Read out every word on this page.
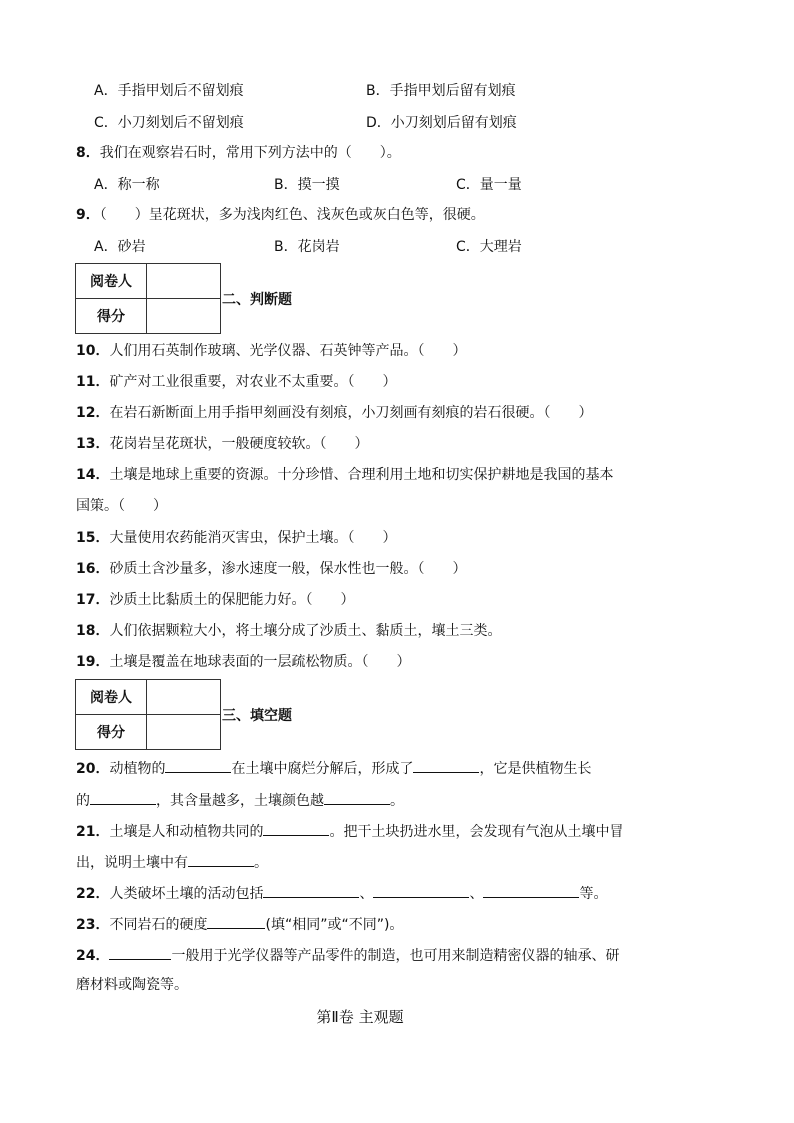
A．手指甲划后不留划痕	B．手指甲划后留有划痕
C．小刀刻划后不留划痕	D．小刀刻划后留有划痕
8．我们在观察岩石时，常用下列方法中的（　　）。
A．称一称	B．摸一摸	C．量一量
9．（　　）呈花斑状，多为浅肉红色、浅灰色或灰白色等，很硬。
A．砂岩	B．花岗岩	C．大理岩
阅卷人	
得分	
二、判断题
10．人们用石英制作玻璃、光学仪器、石英钟等产品。（　　）
11．矿产对工业很重要，对农业不太重要。（　　）
12．在岩石新断面上用手指甲刻画没有刻痕，小刀刻画有刻痕的岩石很硬。（　　）
13．花岗岩呈花斑状，一般硬度较软。（　　）
14．土壤是地球上重要的资源。十分珍惜、合理利用土地和切实保护耕地是我国的基本
国策。（　　）
15．大量使用农药能消灭害虫，保护土壤。（　　）
16．砂质土含沙量多，渗水速度一般，保水性也一般。（　　）
17．沙质土比黏质土的保肥能力好。（　　）
18．人们依据颗粒大小，将土壤分成了沙质土、黏质土，壤土三类。
19．土壤是覆盖在地球表面的一层疏松物质。（　　）
阅卷人	
得分	
三、填空题
20．动植物的	在土壤中腐烂分解后，形成了	，它是供植物生长
的	，其含量越多，土壤颜色越	。
21．土壤是人和动植物共同的	。把干土块扔进水里，会发现有气泡从土壤中冒
出，说明土壤中有	。
22．人类破坏土壤的活动包括	、	、	等。
23．不同岩石的硬度	(填“相同”或“不同”)。
24．	一般用于光学仪器等产品零件的制造，也可用来制造精密仪器的轴承、研
磨材料或陶瓷等。
第Ⅱ卷 主观题
